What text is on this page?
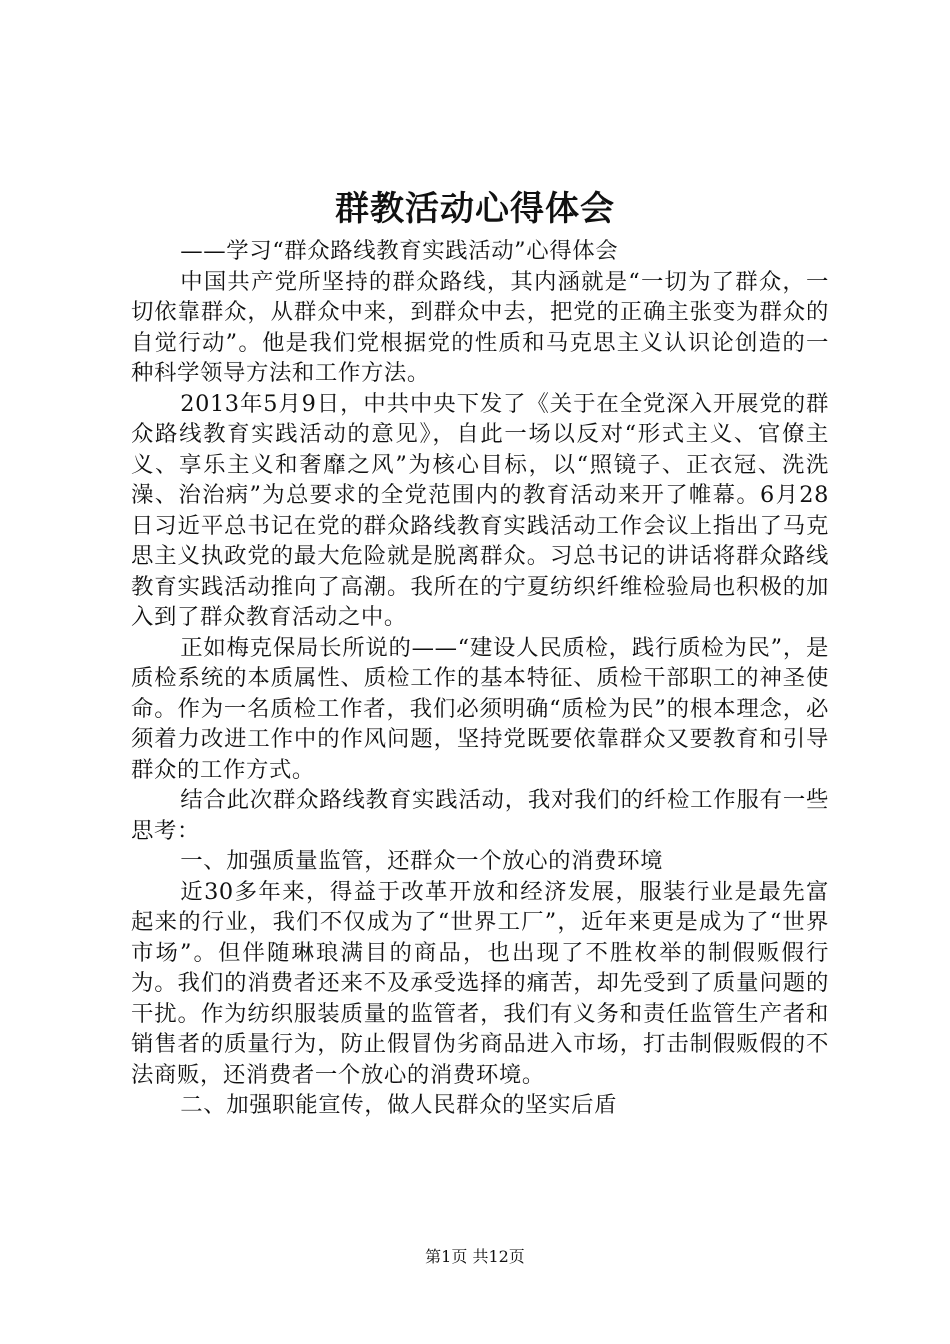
群教活动心得体会

——学习“群众路线教育实践活动”心得体会

中国共产党所坚持的群众路线，其内涵就是“一切为了群众，一切依靠群众，从群众中来，到群众中去，把党的正确主张变为群众的自觉行动”。他是我们党根据党的性质和马克思主义认识论创造的一种科学领导方法和工作方法。

2013年5月9日，中共中央下发了《关于在全党深入开展党的群众路线教育实践活动的意见》，自此一场以反对“形式主义、官僚主义、享乐主义和奢靡之风”为核心目标，以“照镜子、正衣冠、洗洗澡、治治病”为总要求的全党范围内的教育活动来开了帷幕。6月28日习近平总书记在党的群众路线教育实践活动工作会议上指出了马克思主义执政党的最大危险就是脱离群众。习总书记的讲话将群众路线教育实践活动推向了高潮。我所在的宁夏纺织纤维检验局也积极的加入到了群众教育活动之中。

正如梅克保局长所说的——“建设人民质检，践行质检为民”，是质检系统的本质属性、质检工作的基本特征、质检干部职工的神圣使命。作为一名质检工作者，我们必须明确“质检为民”的根本理念，必须着力改进工作中的作风问题，坚持党既要依靠群众又要教育和引导群众的工作方式。

结合此次群众路线教育实践活动，我对我们的纤检工作服有一些思考：

一、加强质量监管，还群众一个放心的消费环境

近30多年来，得益于改革开放和经济发展，服装行业是最先富起来的行业，我们不仅成为了“世界工厂”，近年来更是成为了“世界市场”。但伴随琳琅满目的商品，也出现了不胜枚举的制假贩假行为。我们的消费者还来不及承受选择的痛苦，却先受到了质量问题的干扰。作为纺织服装质量的监管者，我们有义务和责任监管生产者和销售者的质量行为，防止假冒伪劣商品进入市场，打击制假贩假的不法商贩，还消费者一个放心的消费环境。

二、加强职能宣传，做人民群众的坚实后盾

第1页 共12页
